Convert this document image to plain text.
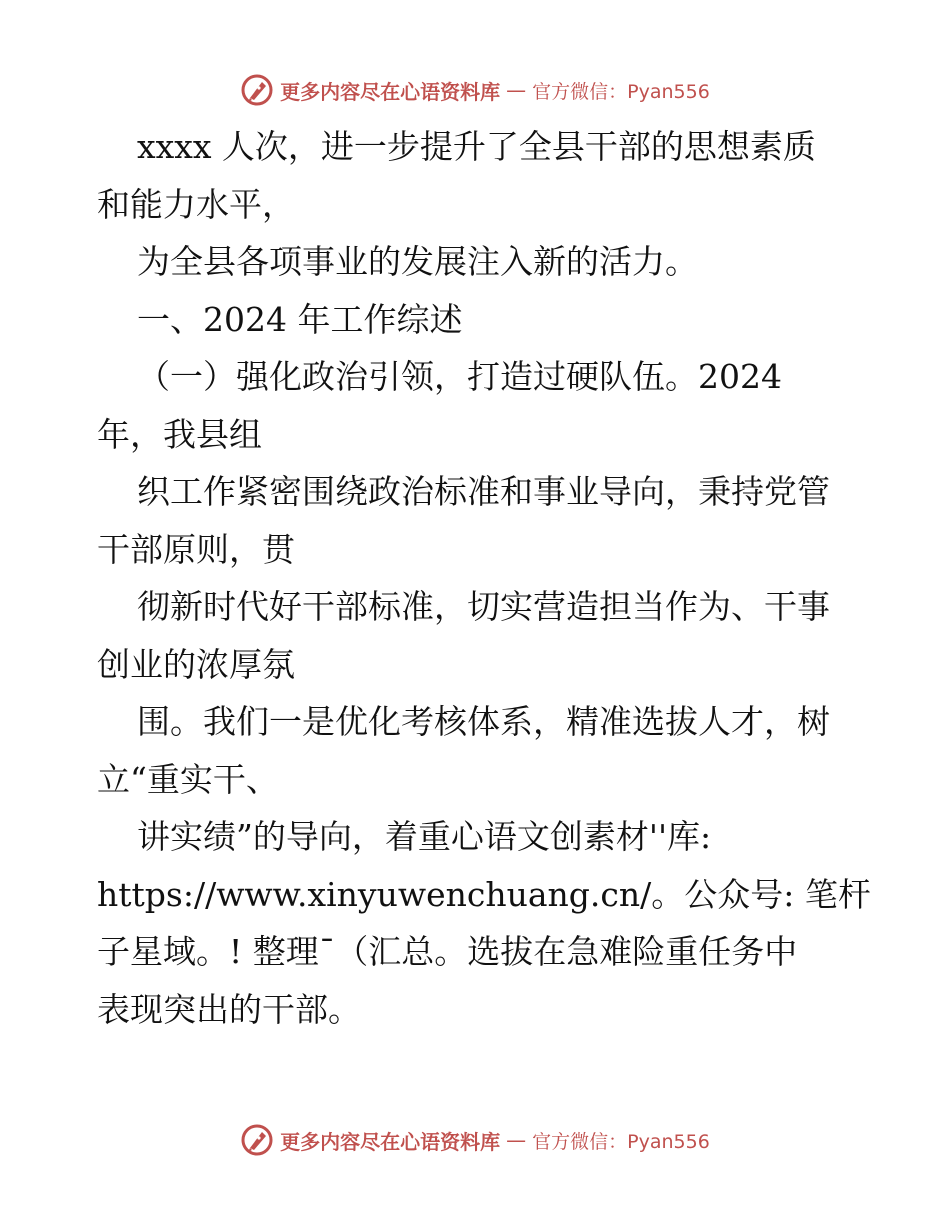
更多内容尽在心语资料库 — 官方微信：Pyan556
xxxx 人次，进一步提升了全县干部的思想素质
和能力水平，
为全县各项事业的发展注入新的活力。
一、2024 年工作综述
（一）强化政治引领，打造过硬队伍。2024
年，我县组
织工作紧密围绕政治标准和事业导向，秉持党管
干部原则，贯
彻新时代好干部标准，切实营造担当作为、干事
创业的浓厚氛
围。我们一是优化考核体系，精准选拔人才，树
立“重实干、
讲实绩”的导向，着重心语文创素材''库:
https://www.xinyuwenchuang.cn/。公众号: 笔杆
子星域。! 整理¯（汇总。选拔在急难险重任务中
表现突出的干部。
更多内容尽在心语资料库 — 官方微信：Pyan556
